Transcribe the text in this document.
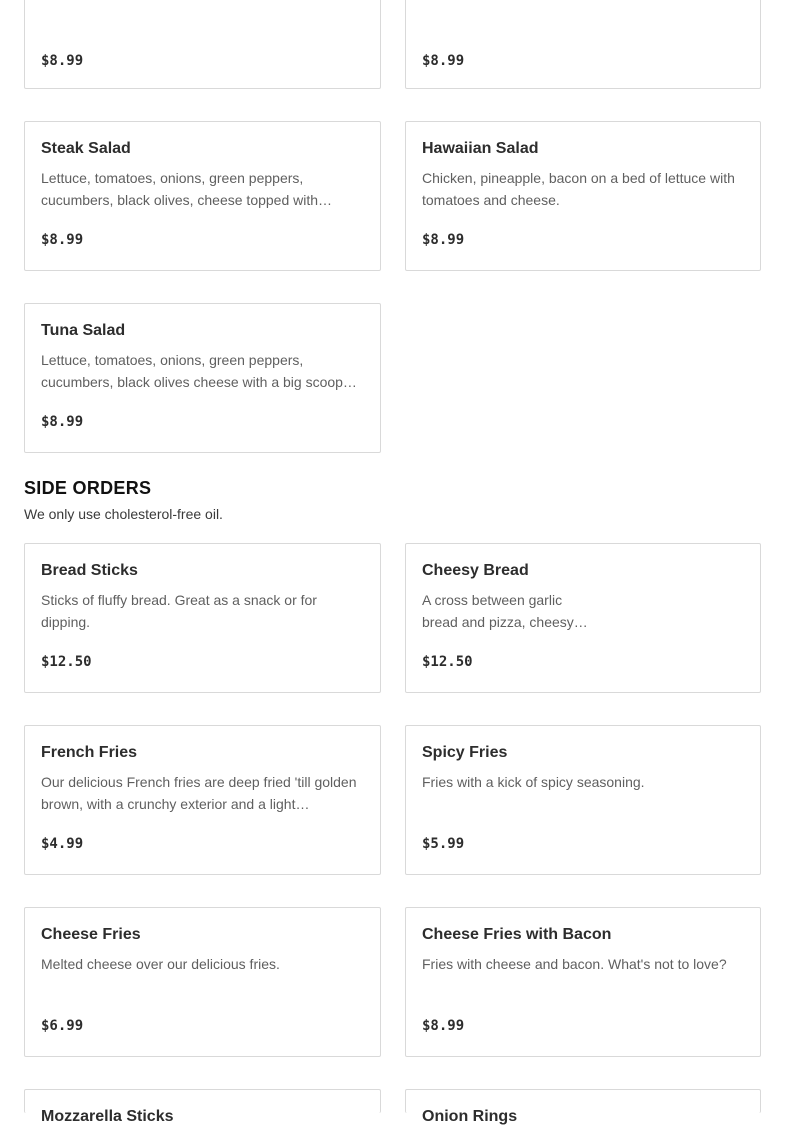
$8.99	$8.99
Steak Salad
Lettuce, tomatoes, onions, green peppers, cucumbers, black olives, cheese topped with…
$8.99
Hawaiian Salad
Chicken, pineapple, bacon on a bed of lettuce with tomatoes and cheese.
$8.99
Tuna Salad
Lettuce, tomatoes, onions, green peppers, cucumbers, black olives cheese with a big scoop…
$8.99
SIDE ORDERS
We only use cholesterol-free oil.
Bread Sticks
Sticks of fluffy bread. Great as a snack or for dipping.
$12.50
Cheesy Bread
A cross between garlic bread and pizza, cheesy…
$12.50
French Fries
Our delicious French fries are deep fried 'till golden brown, with a crunchy exterior and a light…
$4.99
Spicy Fries
Fries with a kick of spicy seasoning.
$5.99
Cheese Fries
Melted cheese over our delicious fries.
$6.99
Cheese Fries with Bacon
Fries with cheese and bacon. What's not to love?
$8.99
Mozzarella Sticks	Onion Rings
